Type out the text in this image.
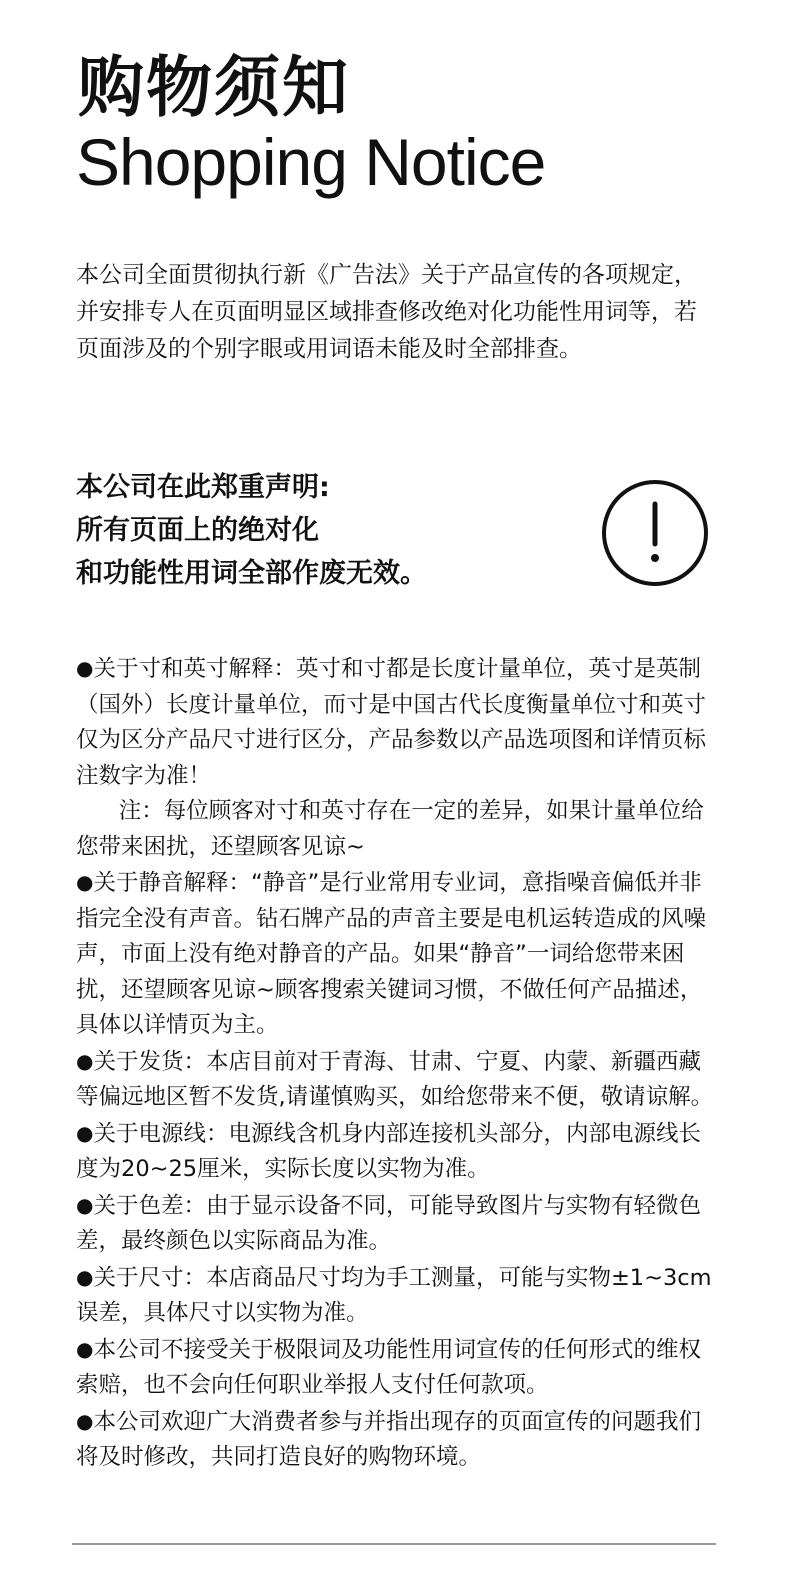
购物须知
Shopping Notice

本公司全面贯彻执行新《广告法》关于产品宣传的各项规定，并安排专人在页面明显区域排查修改绝对化功能性用词等，若页面涉及的个别字眼或用词语未能及时全部排查。

本公司在此郑重声明:
所有页面上的绝对化
和功能性用词全部作废无效。

●关于寸和英寸解释：英寸和寸都是长度计量单位，英寸是英制（国外）长度计量单位，而寸是中国古代长度衡量单位寸和英寸仅为区分产品尺寸进行区分，产品参数以产品选项图和详情页标注数字为准！

注：每位顾客对寸和英寸存在一定的差异，如果计量单位给您带来困扰，还望顾客见谅~

●关于静音解释：“静音”是行业常用专业词，意指噪音偏低并非指完全没有声音。钻石牌产品的声音主要是电机运转造成的风噪声，市面上没有绝对静音的产品。如果“静音”一词给您带来困扰，还望顾客见谅~顾客搜索关键词习惯，不做任何产品描述，具体以详情页为主。

●关于发货：本店目前对于青海、甘肃、宁夏、内蒙、新疆西藏等偏远地区暂不发货,请谨慎购买，如给您带来不便，敬请谅解。

●关于电源线：电源线含机身内部连接机头部分，内部电源线长度为20~25厘米，实际长度以实物为准。

●关于色差：由于显示设备不同，可能导致图片与实物有轻微色差，最终颜色以实际商品为准。

●关于尺寸：本店商品尺寸均为手工测量，可能与实物±1~3cm误差，具体尺寸以实物为准。

●本公司不接受关于极限词及功能性用词宣传的任何形式的维权索赔，也不会向任何职业举报人支付任何款项。

●本公司欢迎广大消费者参与并指出现存的页面宣传的问题我们将及时修改，共同打造良好的购物环境。
